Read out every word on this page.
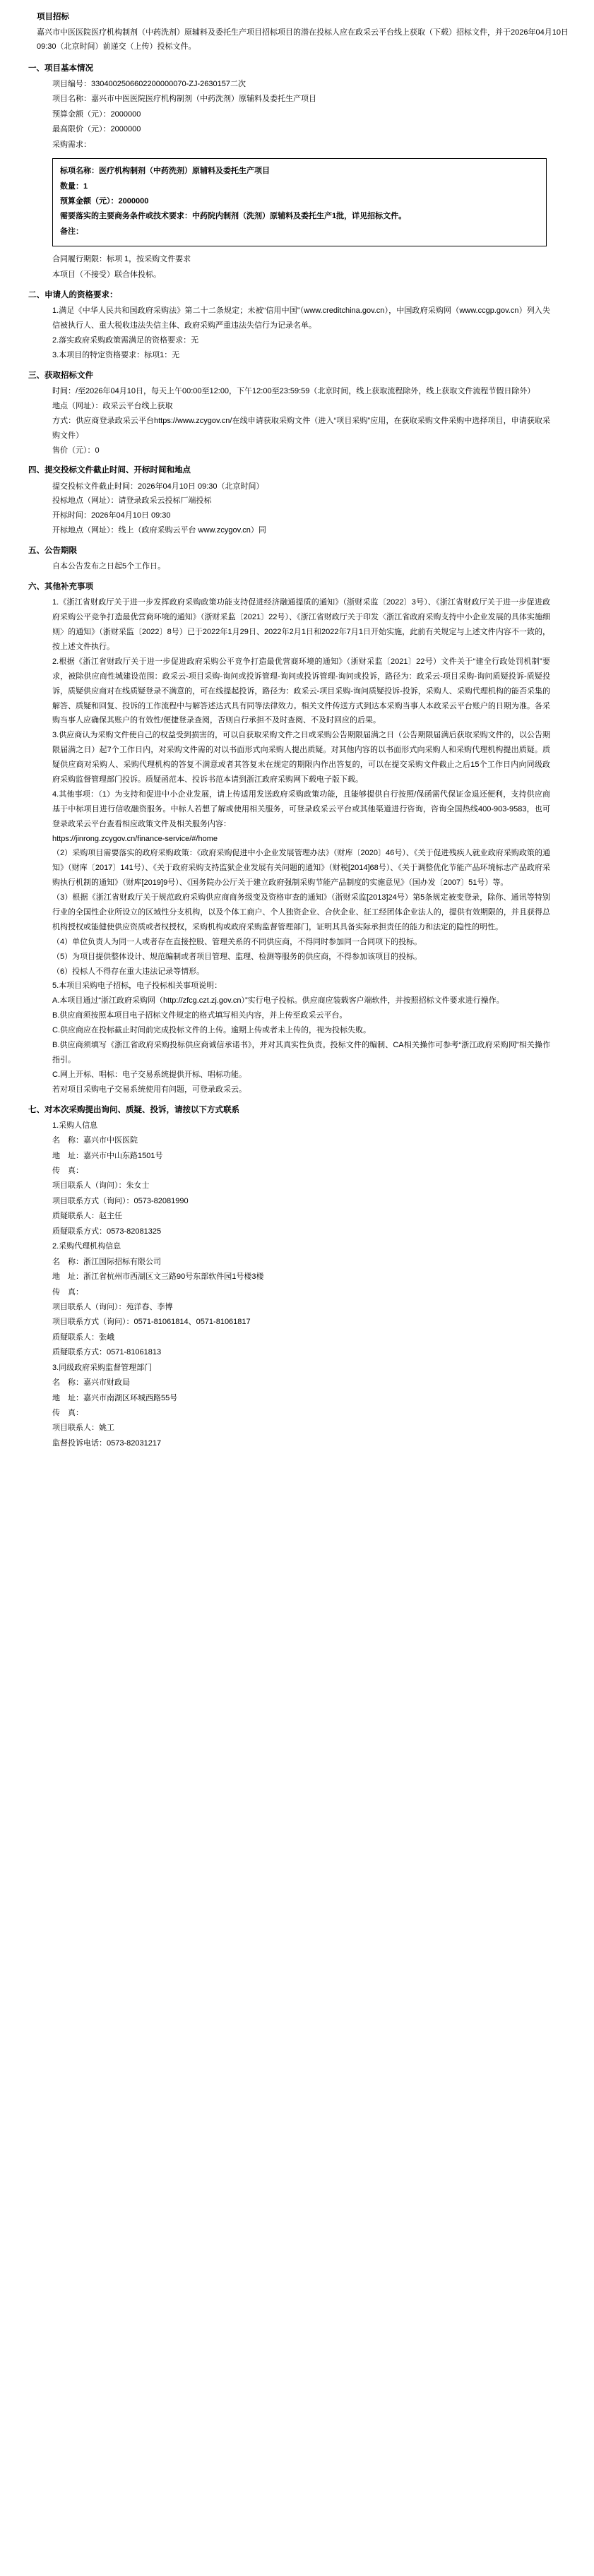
项目招标
嘉兴市中医医院医疗机构制剂（中药洗剂）原辅料及委托生产项目招标项目的潜在投标人应在政采云平台线上获取（下载）招标文件，并于2026年04月10日 09:30（北京时间）前递交（上传）投标文件。
一、项目基本情况
项目编号：3304002506602200000070-ZJ-2630157二次
项目名称：嘉兴市中医医院医疗机构制剂（中药洗剂）原辅料及委托生产项目
预算金额（元）：2000000
最高限价（元）：2000000
采购需求：
标项名称：医疗机构制剂（中药洗剂）原辅料及委托生产项目
数量：1
预算金额（元）：2000000
需要落实的主要商务条件或技术要求：中药院内制剂（洗剂）原辅料及委托生产1批，详见招标文件。
备注：
合同履行期限：标项 1，按采购文件要求
本项目（不接受）联合体投标。
二、申请人的资格要求：
1.满足《中华人民共和国政府采购法》第二十二条规定；未被“信用中国”（www.creditchina.gov.cn），中国政府采购网（www.ccgp.gov.cn）列入失信被执行人、重大税收违法失信主体、政府采购严重违法失信行为记录名单。
2.落实政府采购政策需满足的资格要求：无
3.本项目的特定资格要求：标项1：无
三、获取招标文件
时间：/至2026年04月10日，每天上午00:00至12:00，下午12:00至23:59:59（北京时间，线上获取流程除外，线上获取文件流程节假日除外）
地点（网址）：政采云平台线上获取
方式：供应商登录政采云平台https://www.zcygov.cn/在线申请获取采购文件（进入“项目采购”应用，在获取采购文件采购中选择项目，申请获取采购文件）
售价（元）：0
四、提交投标文件截止时间、开标时间和地点
提交投标文件截止时间：2026年04月10日 09:30（北京时间）
投标地点（网址）：请登录政采云投标厂端投标
开标时间：2026年04月10日 09:30
开标地点（网址）：线上（政府采购云平台 www.zcygov.cn）同
五、公告期限
自本公告发布之日起5个工作日。
六、其他补充事项
1.《浙江省财政厅关于进一步发挥政府采购政策功能支持促进经济融通提质的通知》（浙财采监〔2022〕3号）、《浙江省财政厅关于进一步促进政府采购公平竞争打造最优营商环境的通知》（浙财采监〔2021〕22号）、《浙江省财政厅关于印发〈浙江省政府采购支持中小企业发展的具体实施细则〉的通知》（浙财采监〔2022〕8号）已于2022年1月29日、2022年2月1日和2022年7月1日开始实施，此前有关规定与上述文件内容不一致的，按上述文件执行。
2.根据《浙江省财政厅关于进一步促进政府采购公平竞争打造最优营商环境的通知》（浙财采监〔2021〕22号）文件关于“建全行政处罚机制”要求，被除供应商性城建设范围：政采云-项目采购-询问或投诉管理-询问或投诉管理-询问或投诉，路径为：政采云-项目采购-询问质疑投诉-质疑投诉，质疑供应商对在线质疑登录不满意的，可在线提起投诉，路径为：政采云-项目采购-询问质疑投诉-投诉，采购人、采购代理机构的能否采集的解答、质疑和回复、投诉的工作流程中与解答述达式具有同等法律效力。相关文件传送方式到达本采购当事人本政采云平台账户的日期为准。各采购当事人应确保其账户的有效性/便捷登录查阅，否则自行承担不及时查阅、不及时回应的后果。
3.供应商认为采购文件使自己的权益受到损害的，可以自获取采购文件之日或采购公告期限届满之日（公告期限届满后获取采购文件的，以公告期限届满之日）起7个工作日内，对采购文件需的对以书面形式向采购人提出质疑。对其他内容的以书面形式向采购人和采购代理机构提出质疑。质疑供应商对采购人、采购代理机构的答复不满意或者其答复未在规定的期限内作出答复的，可以在提交采购文件截止之后15个工作日内向同级政府采购监督管理部门投诉。质疑函范本、投诉书范本请到浙江政府采购网下载电子版下载。
4.其他事项：（1）为支持和促进中小企业发展，请上传适用发送政府采购政策功能，且能够提供自行按照/保函需代保证金退还便利，支持供应商基于中标项目进行信收融资服务。中标人若想了解或使用相关服务，可登录政采云平台或其他渠道进行咨询，咨询全国热线400-903-9583，也可登录政采云平台查看相应政策文件及相关服务内容：
https://jinrong.zcygov.cn/finance-service/#/home
（2）采购项目需要落实的政府采购政策：《政府采购促进中小企业发展管理办法》（财库〔2020〕46号）、《关于促进残疾人就业政府采购政策的通知》（财库〔2017〕141号）、《关于政府采购支持监狱企业发展有关问题的通知》（财税[2014]68号）、《关于调整优化节能产品环境标志产品政府采购执行机制的通知》（财库[2019]9号）、《国务院办公厅关于建立政府强制采购节能产品制度的实施意见》（国办发〔2007〕51号）等。
（3）根据《浙江省财政厅关于规范政府采购供应商商务级变及资格审查的通知》（浙财采监[2013]24号）第5条规定被变登录，除你、通讯等特别行业的全国性企业所设立的区域性分支机构，以及个体工商户、个人独资企业、合伙企业、征工经团体企业法人的，提供有效期限的，并且获得总机构授权或能健使供应资质或者权授权，采购机构或政府采购监督管理部门，证明其具备实际承担责任的能力和法定的隐性的明性。
（4）单位负责人为同一人或者存在直接控股、管理关系的不同供应商，不得同时参加同一合同项下的投标。
（5）为项目提供整体设计、规范编制或者项目管理、监理、检测等服务的供应商，不得参加该项目的投标。
（6）投标人不得存在重大违法记录等情形。
5.本项目采购电子招标，电子投标相关事项说明：
A.本项目通过“浙江政府采购网（http://zfcg.czt.zj.gov.cn）”实行电子投标。供应商应装载客户端软件，并按照招标文件要求进行操作。
B.供应商须按照本项目电子招标文件规定的格式填写相关内容，并上传至政采云平台。
C.供应商应在投标截止时间前完成投标文件的上传。逾期上传或者未上传的，视为投标失败。
B.供应商须填写《浙江省政府采购投标供应商诚信承诺书》，并对其真实性负责。投标文件的编制、CA相关操作可参考“浙江政府采购网”相关操作指引。
C.网上开标、唱标：电子交易系统提供开标、唱标功能。
若对项目采购电子交易系统使用有问题，可登录政采云。
七、对本次采购提出询问、质疑、投诉，请按以下方式联系
1.采购人信息
名　称：嘉兴市中医医院
地　址：嘉兴市中山东路1501号
传　真：
项目联系人（询问）：朱女士
项目联系方式（询问）：0573-82081990
质疑联系人：赵主任
质疑联系方式：0573-82081325
2.采购代理机构信息
名　称：浙江国际招标有限公司
地　址：浙江省杭州市西湖区文三路90号东部软件园1号楼3楼
传　真：
项目联系人（询问）：苑洋春、李博
项目联系方式（询问）：0571-81061814、0571-81061817
质疑联系人：张峨
质疑联系方式：0571-81061813
3.同级政府采购监督管理部门
名　称：嘉兴市财政局
地　址：嘉兴市南湖区环城西路55号
传　真：
项目联系人：姚工
监督投诉电话：0573-82031217
